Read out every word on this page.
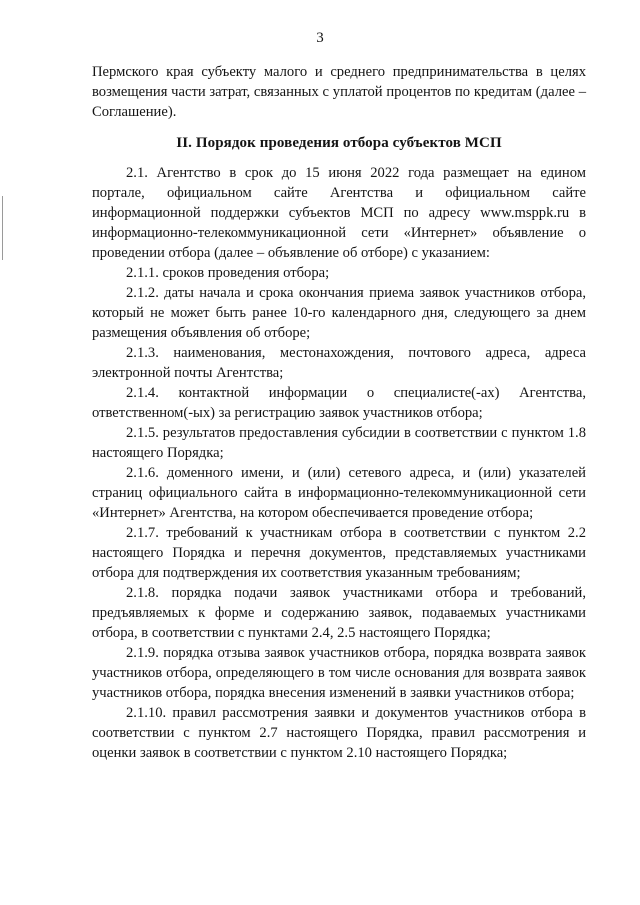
3

Пермского края субъекту малого и среднего предпринимательства в целях возмещения части затрат, связанных с уплатой процентов по кредитам (далее – Соглашение).

II. Порядок проведения отбора субъектов МСП

2.1. Агентство в срок до 15 июня 2022 года размещает на едином портале, официальном сайте Агентства и официальном сайте информационной поддержки субъектов МСП по адресу www.msppk.ru в информационно-телекоммуникационной сети «Интернет» объявление о проведении отбора (далее – объявление об отборе) с указанием:

2.1.1. сроков проведения отбора;

2.1.2. даты начала и срока окончания приема заявок участников отбора, который не может быть ранее 10-го календарного дня, следующего за днем размещения объявления об отборе;

2.1.3. наименования, местонахождения, почтового адреса, адреса электронной почты Агентства;

2.1.4. контактной информации о специалисте(-ах) Агентства, ответственном(-ых) за регистрацию заявок участников отбора;

2.1.5. результатов предоставления субсидии в соответствии с пунктом 1.8 настоящего Порядка;

2.1.6. доменного имени, и (или) сетевого адреса, и (или) указателей страниц официального сайта в информационно-телекоммуникационной сети «Интернет» Агентства, на котором обеспечивается проведение отбора;

2.1.7. требований к участникам отбора в соответствии с пунктом 2.2 настоящего Порядка и перечня документов, представляемых участниками отбора для подтверждения их соответствия указанным требованиям;

2.1.8. порядка подачи заявок участниками отбора и требований, предъявляемых к форме и содержанию заявок, подаваемых участниками отбора, в соответствии с пунктами 2.4, 2.5 настоящего Порядка;

2.1.9. порядка отзыва заявок участников отбора, порядка возврата заявок участников отбора, определяющего в том числе основания для возврата заявок участников отбора, порядка внесения изменений в заявки участников отбора;

2.1.10. правил рассмотрения заявки и документов участников отбора в соответствии с пунктом 2.7 настоящего Порядка, правил рассмотрения и оценки заявок в соответствии с пунктом 2.10 настоящего Порядка;
